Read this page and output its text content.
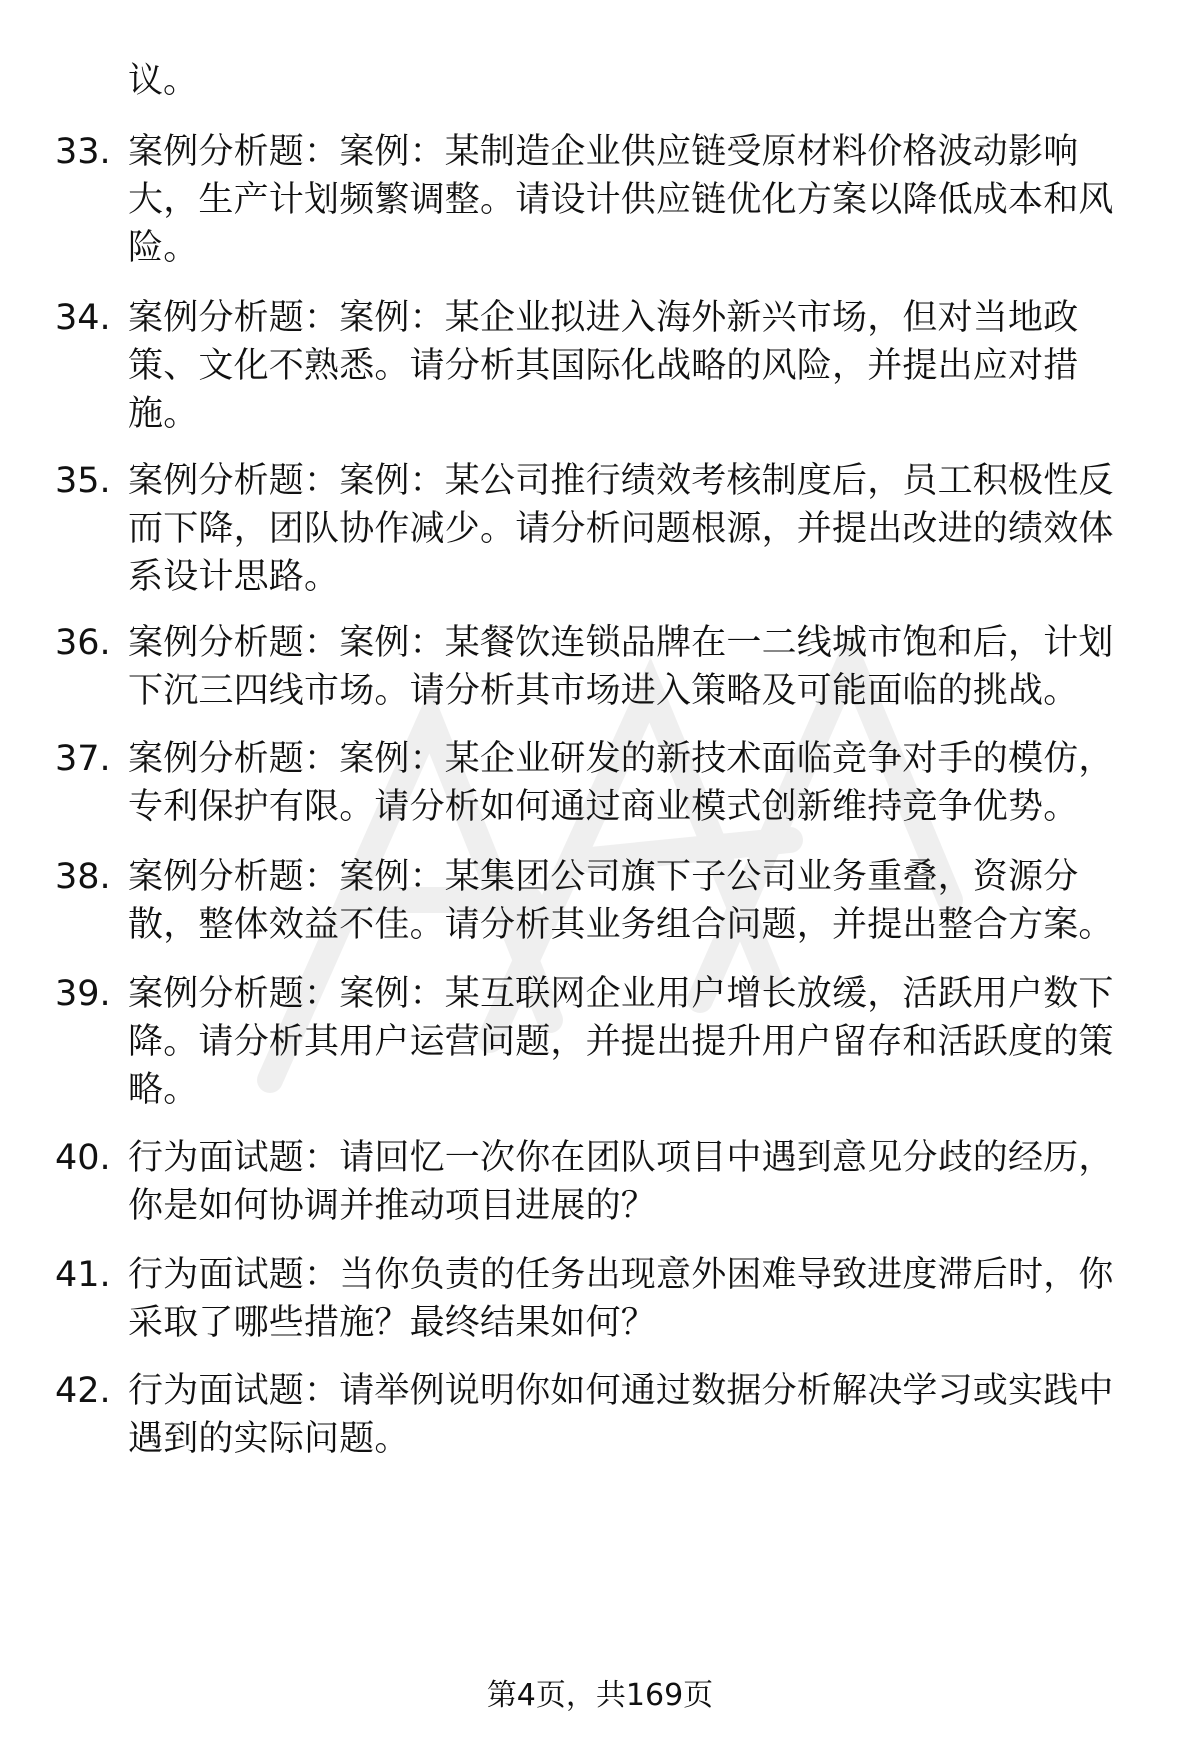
议。
33. 案例分析题：案例：某制造企业供应链受原材料价格波动影响大，生产计划频繁调整。请设计供应链优化方案以降低成本和风险。
34. 案例分析题：案例：某企业拟进入海外新兴市场，但对当地政策、文化不熟悉。请分析其国际化战略的风险，并提出应对措施。
35. 案例分析题：案例：某公司推行绩效考核制度后，员工积极性反而下降，团队协作减少。请分析问题根源，并提出改进的绩效体系设计思路。
36. 案例分析题：案例：某餐饮连锁品牌在一二线城市饱和后，计划下沉三四线市场。请分析其市场进入策略及可能面临的挑战。
37. 案例分析题：案例：某企业研发的新技术面临竞争对手的模仿，专利保护有限。请分析如何通过商业模式创新维持竞争优势。
38. 案例分析题：案例：某集团公司旗下子公司业务重叠，资源分散，整体效益不佳。请分析其业务组合问题，并提出整合方案。
39. 案例分析题：案例：某互联网企业用户增长放缓，活跃用户数下降。请分析其用户运营问题，并提出提升用户留存和活跃度的策略。
40. 行为面试题：请回忆一次你在团队项目中遇到意见分歧的经历，你是如何协调并推动项目进展的？
41. 行为面试题：当你负责的任务出现意外困难导致进度滞后时，你采取了哪些措施？最终结果如何？
42. 行为面试题：请举例说明你如何通过数据分析解决学习或实践中遇到的实际问题。
第4页，共169页
